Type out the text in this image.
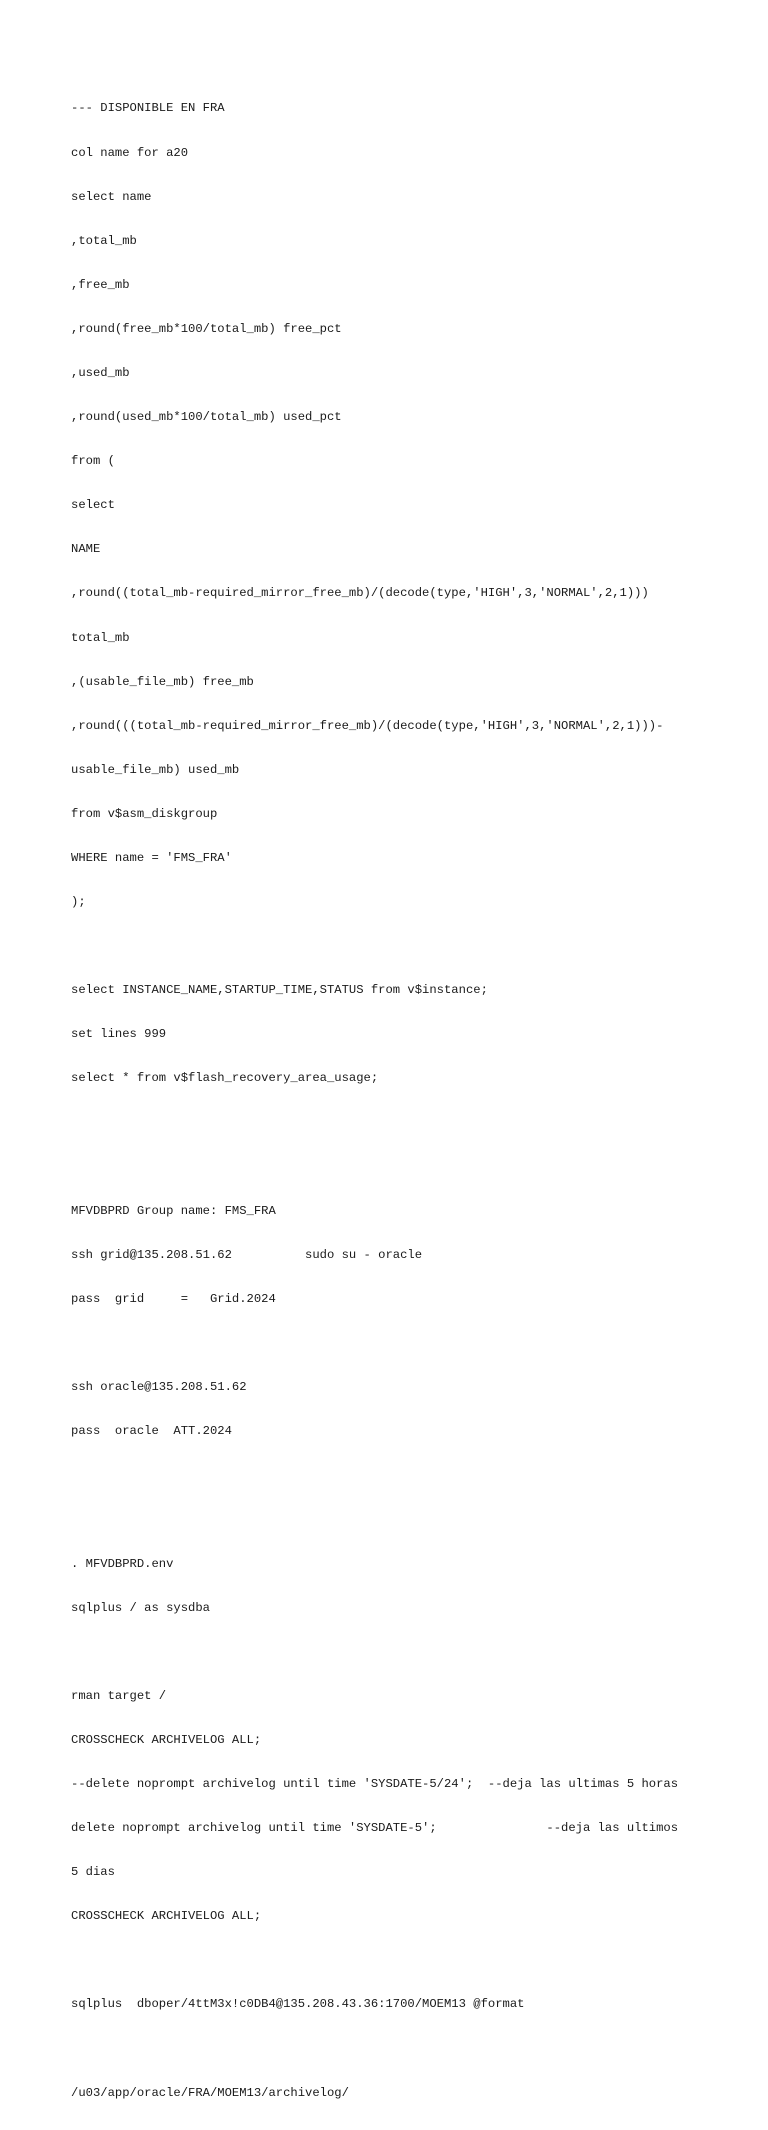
--- DISPONIBLE EN FRA

col name for a20

select name

,total_mb

,free_mb

,round(free_mb*100/total_mb) free_pct

,used_mb

,round(used_mb*100/total_mb) used_pct

from (

select

NAME

,round((total_mb-required_mirror_free_mb)/(decode(type,'HIGH',3,'NORMAL',2,1)))

total_mb

,(usable_file_mb) free_mb

,round(((total_mb-required_mirror_free_mb)/(decode(type,'HIGH',3,'NORMAL',2,1)))-

usable_file_mb) used_mb

from v$asm_diskgroup

WHERE name = 'FMS_FRA'

);

select INSTANCE_NAME,STARTUP_TIME,STATUS from v$instance;

set lines 999

select * from v$flash_recovery_area_usage;

MFVDBPRD Group name: FMS_FRA

ssh grid@135.208.51.62          sudo su - oracle

pass  grid     =   Grid.2024

ssh oracle@135.208.51.62

pass  oracle  ATT.2024

. MFVDBPRD.env

sqlplus / as sysdba

rman target /

CROSSCHECK ARCHIVELOG ALL;

--delete noprompt archivelog until time 'SYSDATE-5/24';  --deja las ultimas 5 horas

delete noprompt archivelog until time 'SYSDATE-5';               --deja las ultimos

5 dias

CROSSCHECK ARCHIVELOG ALL;

sqlplus  dboper/4ttM3x!c0DB4@135.208.43.36:1700/MOEM13 @format

/u03/app/oracle/FRA/MOEM13/archivelog/
